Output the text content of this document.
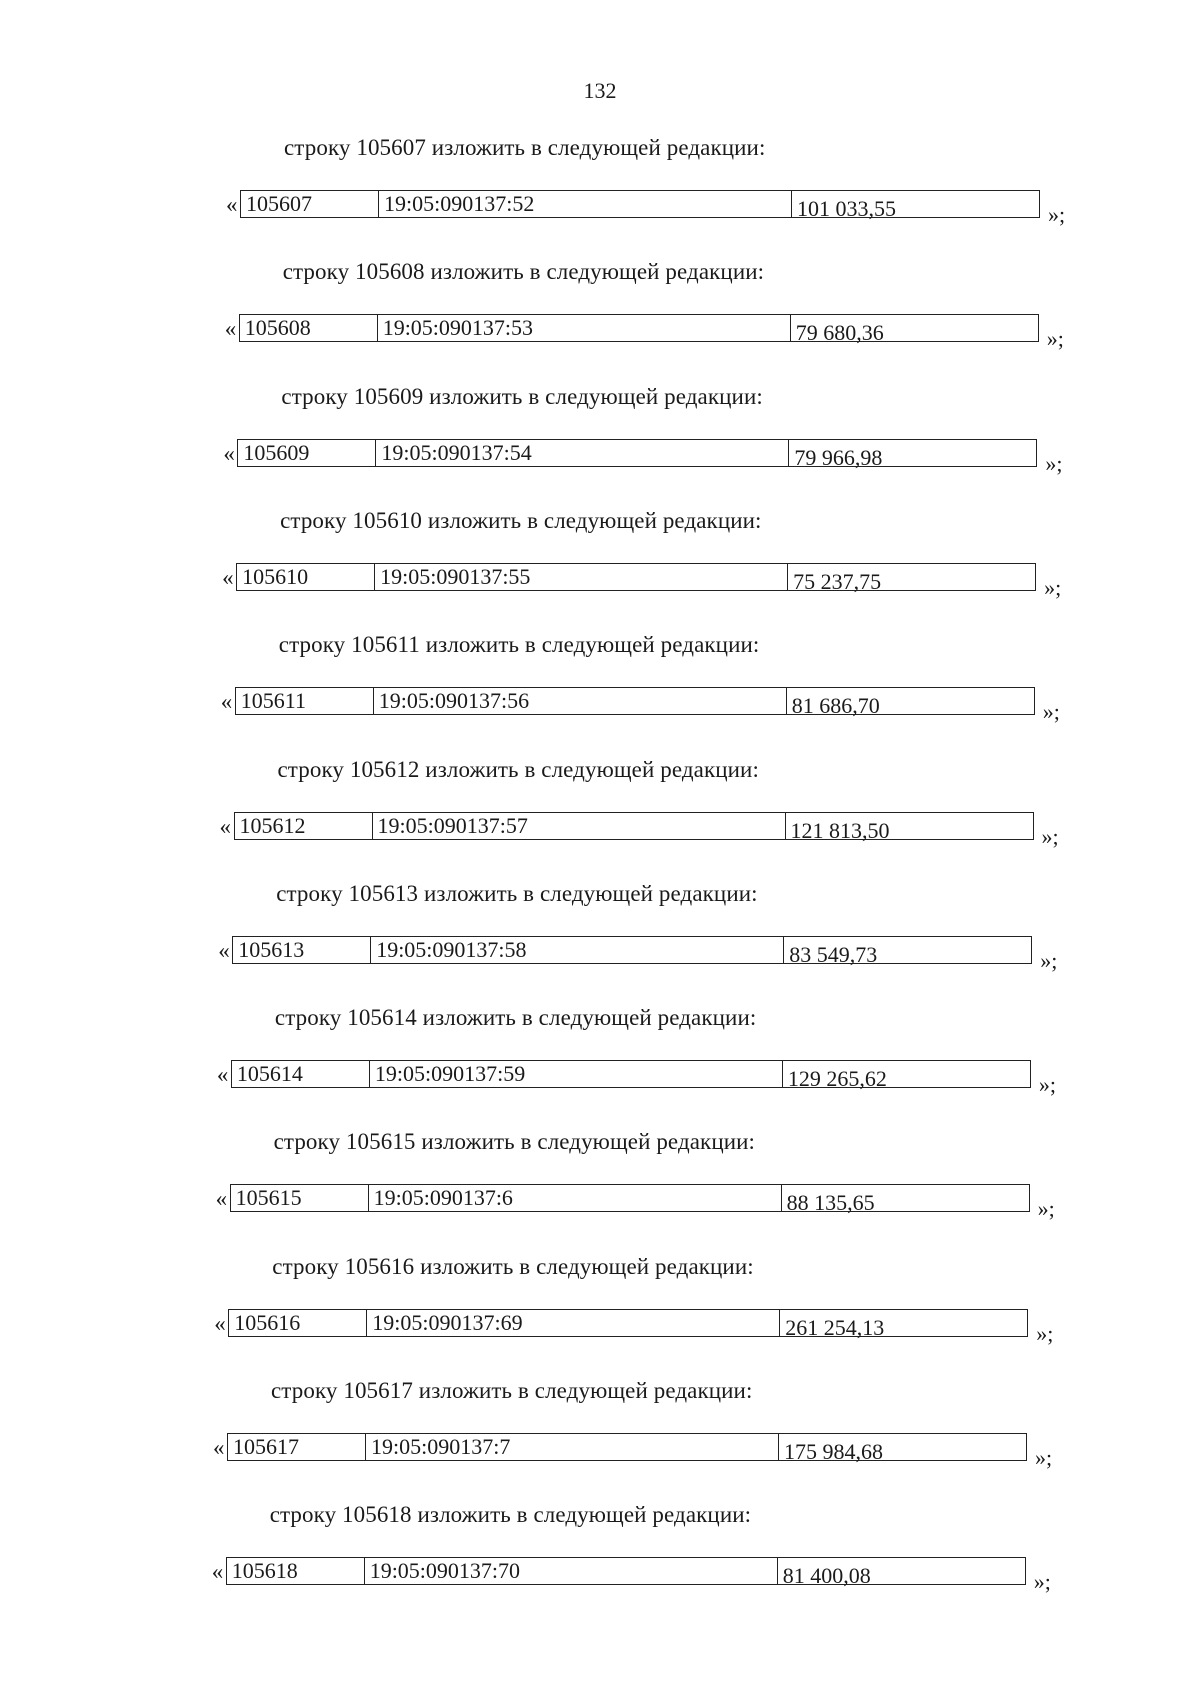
132
строку 105607 изложить в следующей редакции:
« 105607	19:05:090137:52	101 033,55	»;
строку 105608 изложить в следующей редакции:
« 105608	19:05:090137:53	79 680,36	»;
строку 105609 изложить в следующей редакции:
« 105609	19:05:090137:54	79 966,98	»;
строку 105610 изложить в следующей редакции:
« 105610	19:05:090137:55	75 237,75	»;
строку 105611 изложить в следующей редакции:
« 105611	19:05:090137:56	81 686,70	»;
строку 105612 изложить в следующей редакции:
« 105612	19:05:090137:57	121 813,50	»;
строку 105613 изложить в следующей редакции:
« 105613	19:05:090137:58	83 549,73	»;
строку 105614 изложить в следующей редакции:
« 105614	19:05:090137:59	129 265,62	»;
строку 105615 изложить в следующей редакции:
« 105615	19:05:090137:6	88 135,65	»;
строку 105616 изложить в следующей редакции:
« 105616	19:05:090137:69	261 254,13	»;
строку 105617 изложить в следующей редакции:
« 105617	19:05:090137:7	175 984,68	»;
строку 105618 изложить в следующей редакции:
« 105618	19:05:090137:70	81 400,08	»;
